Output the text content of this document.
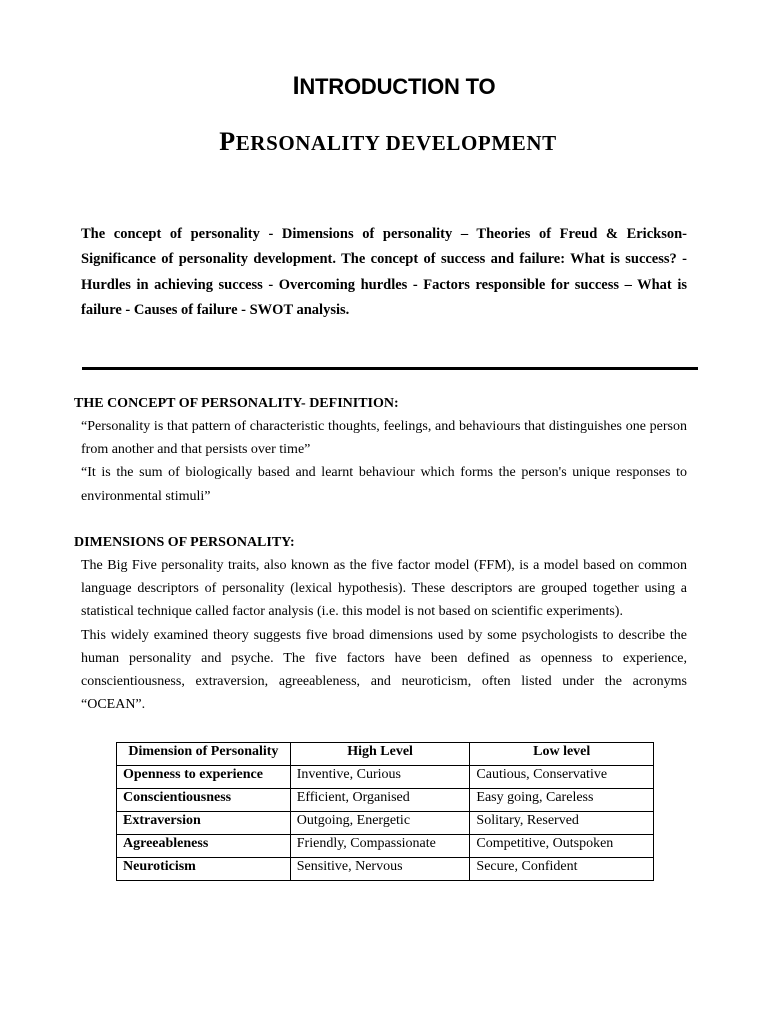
INTRODUCTION TO
PERSONALITY DEVELOPMENT
The concept of personality - Dimensions of personality – Theories of Freud & Erickson- Significance of personality development. The concept of success and failure: What is success? - Hurdles in achieving success - Overcoming hurdles - Factors responsible for success – What is failure - Causes of failure - SWOT analysis.
THE CONCEPT OF PERSONALITY- DEFINITION:

“Personality is that pattern of characteristic thoughts, feelings, and behaviours that distinguishes one person from another and that persists over time”

“It is the sum of biologically based and learnt behaviour which forms the person's unique responses to environmental stimuli”

DIMENSIONS OF PERSONALITY:

The Big Five personality traits, also known as the five factor model (FFM), is a model based on common language descriptors of personality (lexical hypothesis). These descriptors are grouped together using a statistical technique called factor analysis (i.e. this model is not based on scientific experiments).

This widely examined theory suggests five broad dimensions used by some psychologists to describe the human personality and psyche. The five factors have been defined as openness to experience, conscientiousness, extraversion, agreeableness, and neuroticism, often listed under the acronyms “OCEAN”.

Dimension of Personality	High Level	Low level
Openness to experience	Inventive, Curious	Cautious, Conservative
Conscientiousness	Efficient, Organised	Easy going, Careless
Extraversion	Outgoing, Energetic	Solitary, Reserved
Agreeableness	Friendly, Compassionate	Competitive, Outspoken
Neuroticism	Sensitive, Nervous	Secure, Confident
